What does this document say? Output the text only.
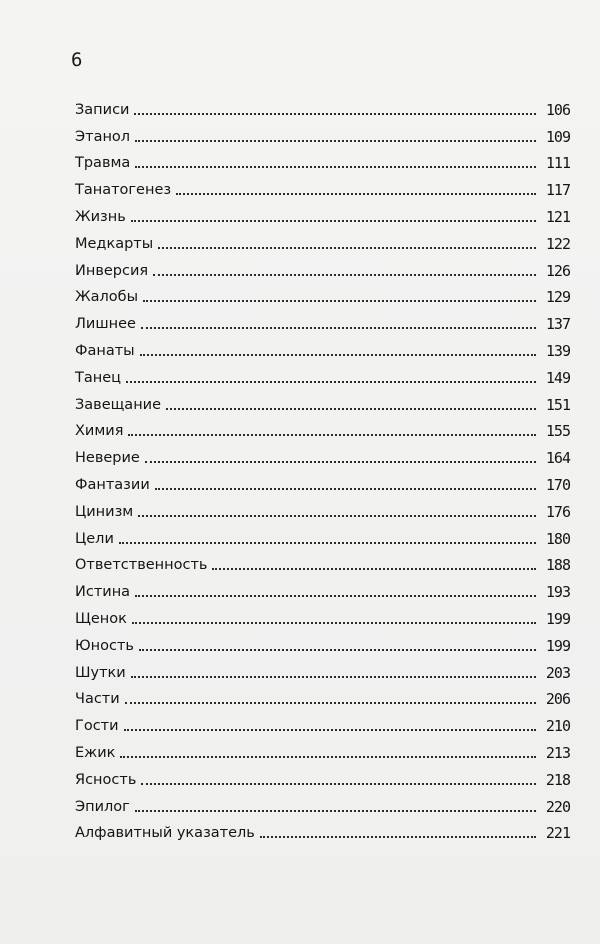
6
Записи	106
Этанол	109
Травма	111
Танатогенез	117
Жизнь	121
Медкарты	122
Инверсия	126
Жалобы	129
Лишнее	137
Фанаты	139
Танец	149
Завещание	151
Химия	155
Неверие	164
Фантазии	170
Цинизм	176
Цели	180
Ответственность	188
Истина	193
Щенок	199
Юность	199
Шутки	203
Части	206
Гости	210
Ежик	213
Ясность	218
Эпилог	220
Алфавитный указатель	221
